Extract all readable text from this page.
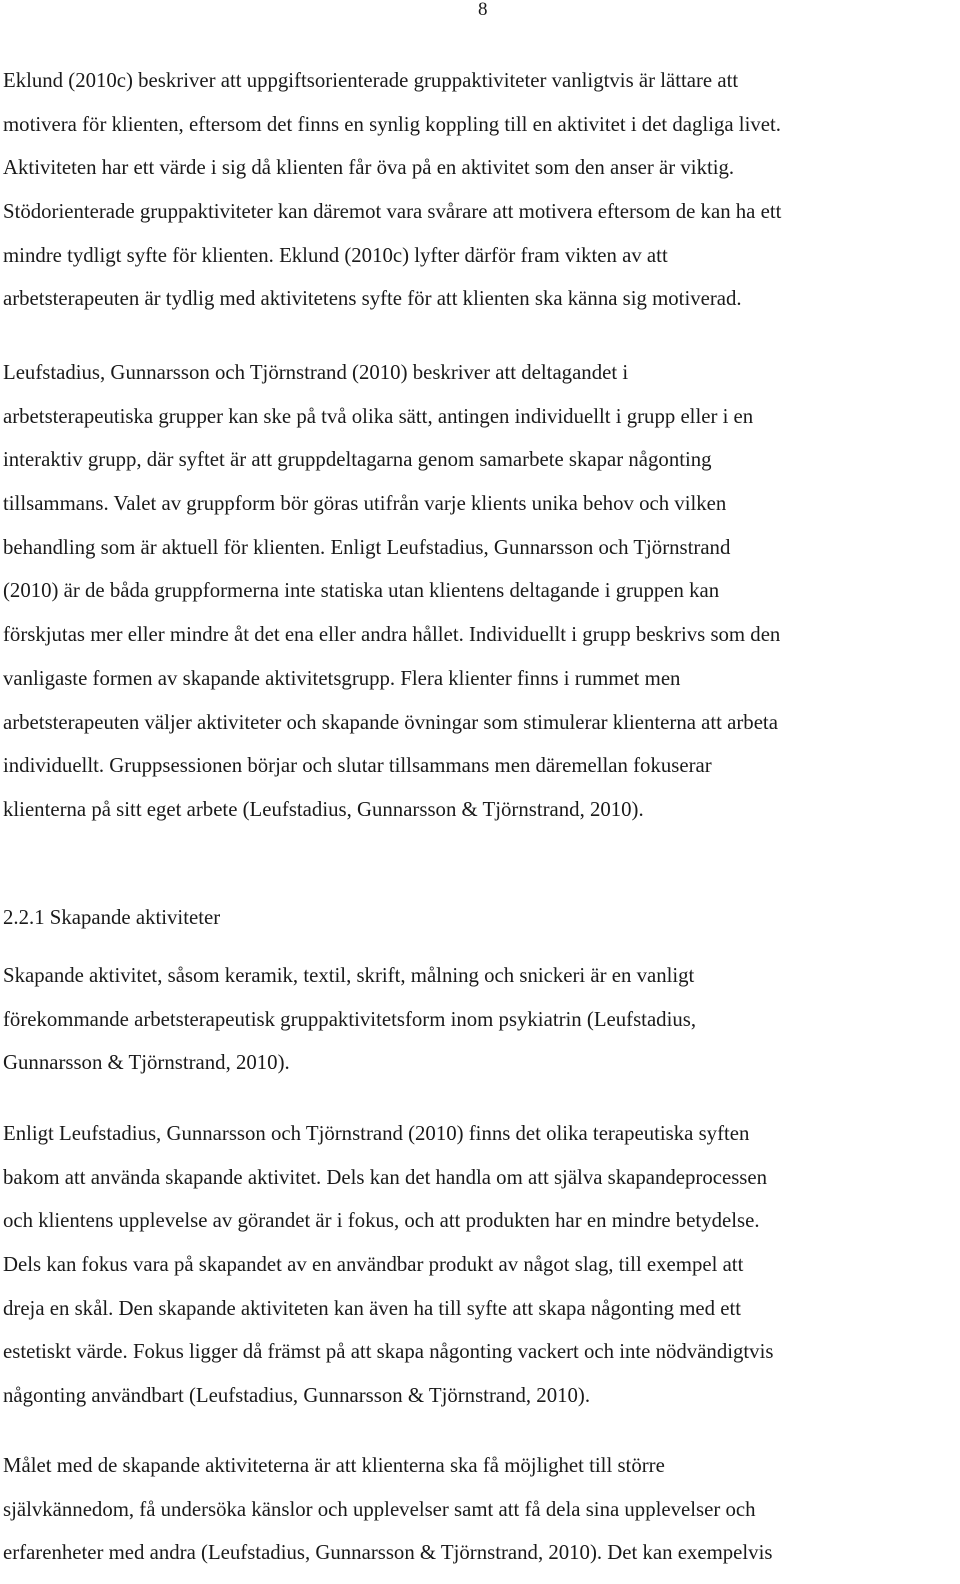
8
Eklund (2010c) beskriver att uppgiftsorienterade gruppaktiviteter vanligtvis är lättare att
motivera för klienten, eftersom det finns en synlig koppling till en aktivitet i det dagliga livet.
Aktiviteten har ett värde i sig då klienten får öva på en aktivitet som den anser är viktig.
Stödorienterade gruppaktiviteter kan däremot vara svårare att motivera eftersom de kan ha ett
mindre tydligt syfte för klienten. Eklund (2010c) lyfter därför fram vikten av att
arbetsterapeuten är tydlig med aktivitetens syfte för att klienten ska känna sig motiverad.
Leufstadius, Gunnarsson och Tjörnstrand (2010) beskriver att deltagandet i
arbetsterapeutiska grupper kan ske på två olika sätt, antingen individuellt i grupp eller i en
interaktiv grupp, där syftet är att gruppdeltagarna genom samarbete skapar någonting
tillsammans. Valet av gruppform bör göras utifrån varje klients unika behov och vilken
behandling som är aktuell för klienten. Enligt Leufstadius, Gunnarsson och Tjörnstrand
(2010) är de båda gruppformerna inte statiska utan klientens deltagande i gruppen kan
förskjutas mer eller mindre åt det ena eller andra hållet. Individuellt i grupp beskrivs som den
vanligaste formen av skapande aktivitetsgrupp. Flera klienter finns i rummet men
arbetsterapeuten väljer aktiviteter och skapande övningar som stimulerar klienterna att arbeta
individuellt. Gruppsessionen börjar och slutar tillsammans men däremellan fokuserar
klienterna på sitt eget arbete (Leufstadius, Gunnarsson & Tjörnstrand, 2010).
2.2.1 Skapande aktiviteter
Skapande aktivitet, såsom keramik, textil, skrift, målning och snickeri är en vanligt
förekommande arbetsterapeutisk gruppaktivitetsform inom psykiatrin (Leufstadius,
Gunnarsson & Tjörnstrand, 2010).
Enligt Leufstadius, Gunnarsson och Tjörnstrand (2010) finns det olika terapeutiska syften
bakom att använda skapande aktivitet. Dels kan det handla om att själva skapandeprocessen
och klientens upplevelse av görandet är i fokus, och att produkten har en mindre betydelse.
Dels kan fokus vara på skapandet av en användbar produkt av något slag, till exempel att
dreja en skål. Den skapande aktiviteten kan även ha till syfte att skapa någonting med ett
estetiskt värde. Fokus ligger då främst på att skapa någonting vackert och inte nödvändigtvis
någonting användbart (Leufstadius, Gunnarsson & Tjörnstrand, 2010).
Målet med de skapande aktiviteterna är att klienterna ska få möjlighet till större
självkännedom, få undersöka känslor och upplevelser samt att få dela sina upplevelser och
erfarenheter med andra (Leufstadius, Gunnarsson & Tjörnstrand, 2010). Det kan exempelvis
